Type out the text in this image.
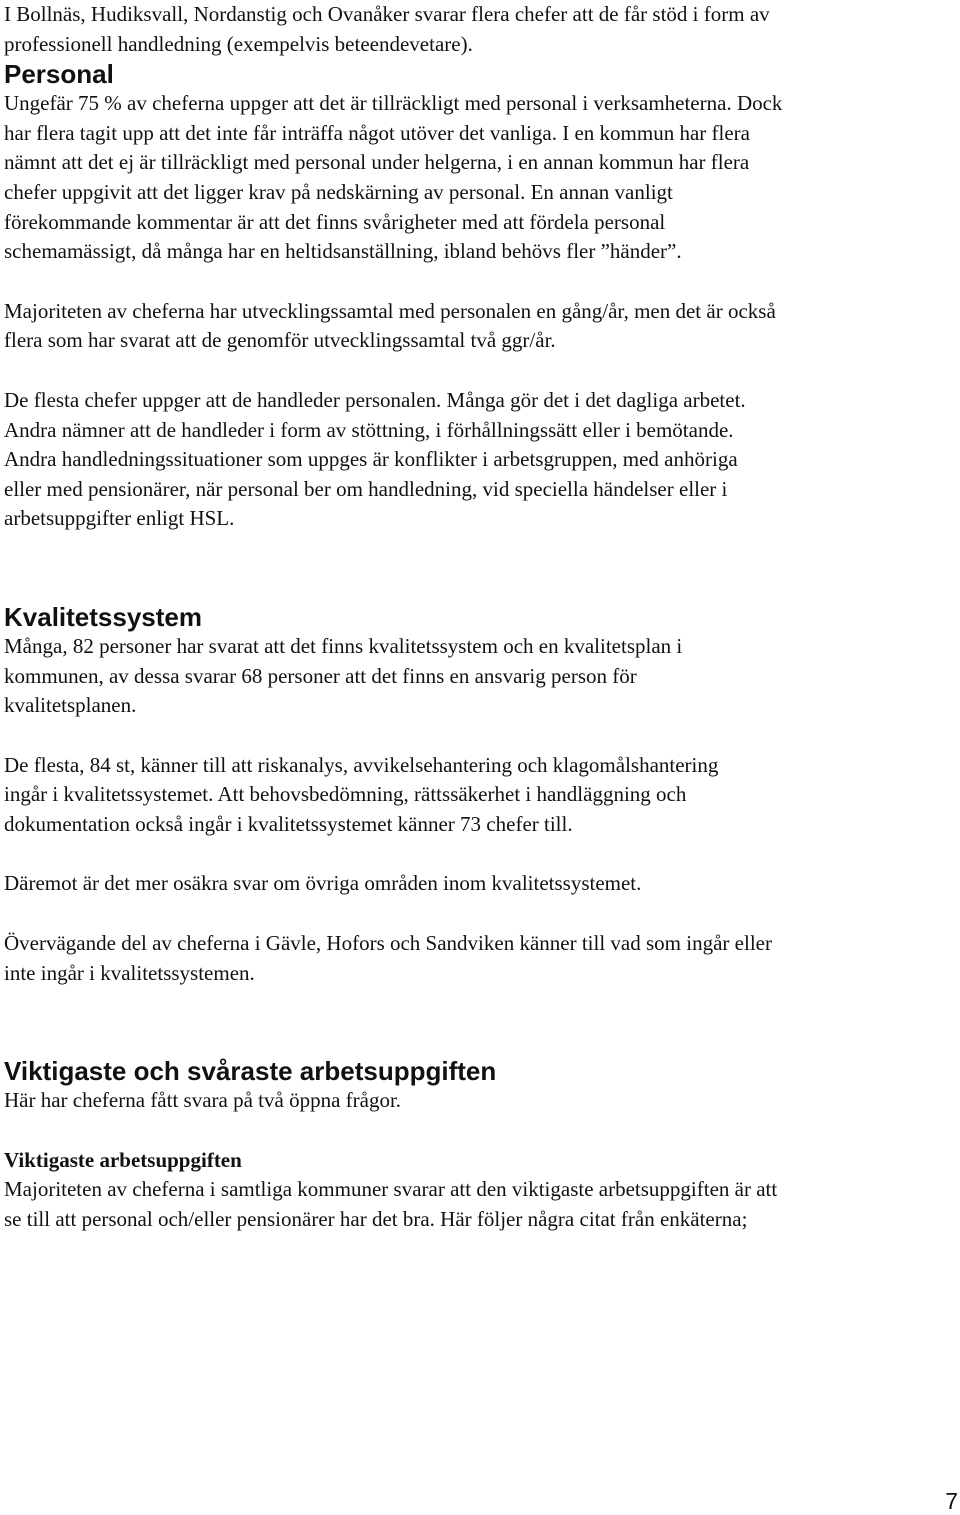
I Bollnäs, Hudiksvall, Nordanstig och Ovanåker svarar flera chefer att de får stöd i form av professionell handledning (exempelvis beteendevetare).

Personal

Ungefär 75 % av cheferna uppger att det är tillräckligt med personal i verksamheterna. Dock har flera tagit upp att det inte får inträffa något utöver det vanliga. I en kommun har flera nämnt att det ej är tillräckligt med personal under helgerna, i en annan kommun har flera chefer uppgivit att det ligger krav på nedskärning av personal. En annan vanligt förekommande kommentar är att det finns svårigheter med att fördela personal schemamässigt, då många har en heltidsanställning, ibland behövs fler ”händer”.

Majoriteten av cheferna har utvecklingssamtal med personalen en gång/år, men det är också flera som har svarat att de genomför utvecklingssamtal två ggr/år.

De flesta chefer uppger att de handleder personalen. Många gör det i det dagliga arbetet. Andra nämner att de handleder i form av stöttning, i förhållningssätt eller i bemötande. Andra handledningssituationer som uppges är konflikter i arbetsgruppen, med anhöriga eller med pensionärer, när personal ber om handledning, vid speciella händelser eller i arbetsuppgifter enligt HSL.

Kvalitetssystem

Många, 82 personer har svarat att det finns kvalitetssystem och en kvalitetsplan i kommunen, av dessa svarar 68 personer att det finns en ansvarig person för kvalitetsplanen.

De flesta, 84 st, känner till att riskanalys, avvikelsehantering och klagomålshantering ingår i kvalitetssystemet. Att behovsbedömning, rättssäkerhet i handläggning och dokumentation också ingår i kvalitetssystemet känner 73 chefer till.

Däremot är det mer osäkra svar om övriga områden inom kvalitetssystemet.

Övervägande del av cheferna i Gävle, Hofors och Sandviken känner till vad som ingår eller inte ingår i kvalitetssystemen.

Viktigaste och svåraste arbetsuppgiften

Här har cheferna fått svara på två öppna frågor.

Viktigaste arbetsuppgiften

Majoriteten av cheferna i samtliga kommuner svarar att den viktigaste arbetsuppgiften är att se till att personal och/eller pensionärer har det bra. Här följer några citat från enkäterna;

7
